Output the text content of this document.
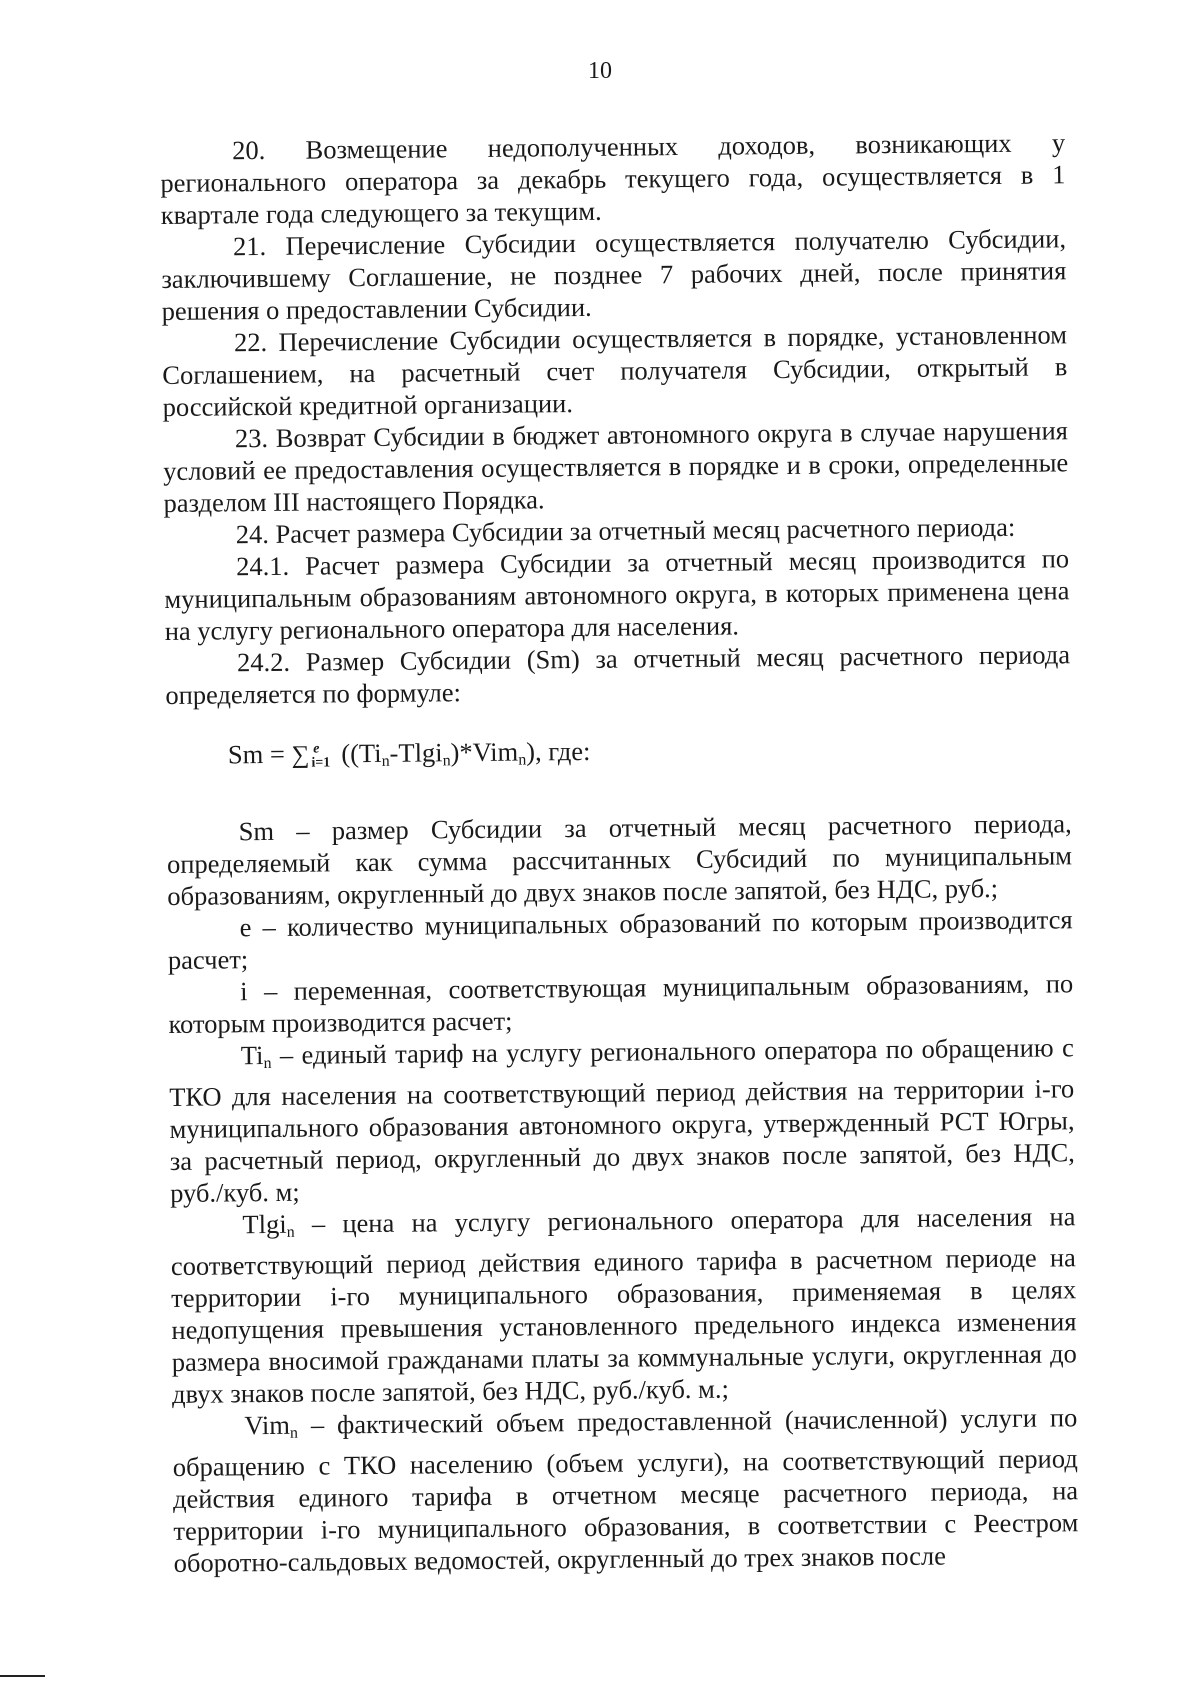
10

20. Возмещение недополученных доходов, возникающих у регионального оператора за декабрь текущего года, осуществляется в 1 квартале года следующего за текущим.

21. Перечисление Субсидии осуществляется получателю Субсидии, заключившему Соглашение, не позднее 7 рабочих дней, после принятия решения о предоставлении Субсидии.

22. Перечисление Субсидии осуществляется в порядке, установленном Соглашением, на расчетный счет получателя Субсидии, открытый в российской кредитной организации.

23. Возврат Субсидии в бюджет автономного округа в случае нарушения условий ее предоставления осуществляется в порядке и в сроки, определенные разделом III настоящего Порядка.

24. Расчет размера Субсидии за отчетный месяц расчетного периода:

24.1. Расчет размера Субсидии за отчетный месяц производится по муниципальным образованиям автономного округа, в которых применена цена на услугу регионального оператора для населения.

24.2. Размер Субсидии (Sm) за отчетный месяц расчетного периода определяется по формуле:

Sm = ∑ e
i=1 $((Ti_n-Tlgi_n)*Vim_n)$, где:

Sm – размер Субсидии за отчетный месяц расчетного периода, определяемый как сумма рассчитанных Субсидий по муниципальным образованиям, округленный до двух знаков после запятой, без НДС, руб.;

e – количество муниципальных образований по которым производится расчет;

i – переменная, соответствующая муниципальным образованиям, по которым производится расчет;

$Ti_n$ – единый тариф на услугу регионального оператора по обращению с ТКО для населения на соответствующий период действия на территории i-го муниципального образования автономного округа, утвержденный РСТ Югры, за расчетный период, округленный до двух знаков после запятой, без НДС, руб./куб. м;

Tlgi$_n$ – цена на услугу регионального оператора для населения на соответствующий период действия единого тарифа в расчетном периоде на территории i-го муниципального образования, применяемая в целях недопущения превышения установленного предельного индекса изменения размера вносимой гражданами платы за коммунальные услуги, округленная до двух знаков после запятой, без НДС, руб./куб. м.;

Vim$_n$ – фактический объем предоставленной (начисленной) услуги по обращению с ТКО населению (объем услуги), на соответствующий период действия единого тарифа в отчетном месяце расчетного периода, на территории i-го муниципального образования, в соответствии с Реестром оборотно-сальдовых ведомостей, округленный до трех знаков после
